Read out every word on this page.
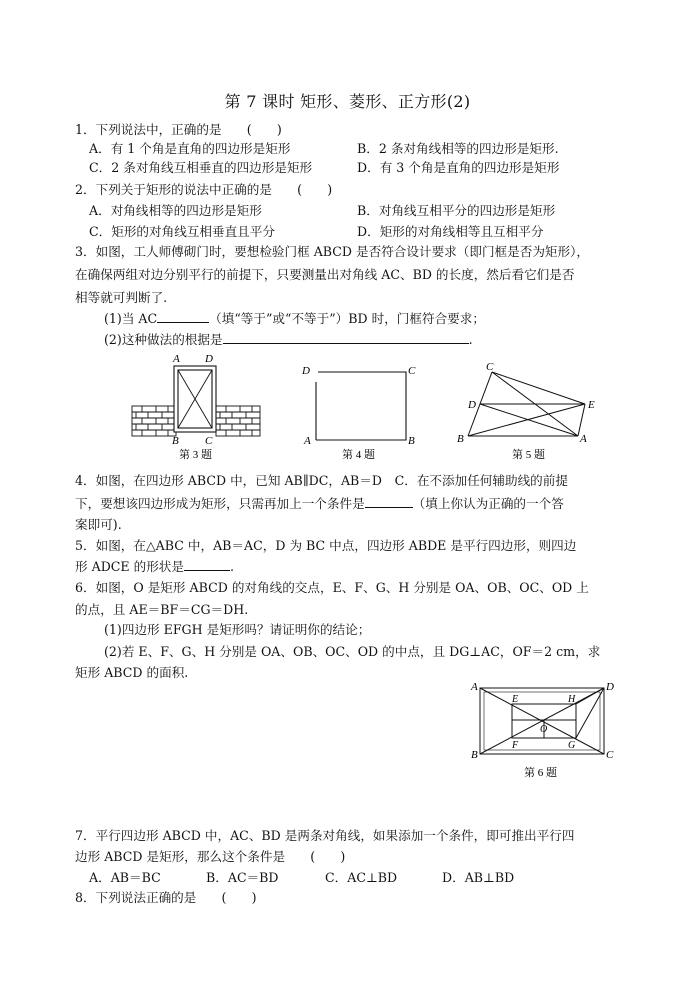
第 7 课时 矩形、菱形、正方形(2)
1．下列说法中，正确的是　　(　　)
A．有 1 个角是直角的四边形是矩形	B．2 条对角线相等的四边形是矩形.
C．2 条对角线互相垂直的四边形是矩形	D．有 3 个角是直角的四边形是矩形
2．下列关于矩形的说法中正确的是　　(　　)
A．对角线相等的四边形是矩形	B．对角线互相平分的四边形是矩形
C．矩形的对角线互相垂直且平分	D．矩形的对角线相等且互相平分
3．如图，工人师傅砌门时，要想检验门框 ABCD 是否符合设计要求（即门框是否为矩形），
在确保两组对边分别平行的前提下，只要测量出对角线 AC、BD 的长度，然后看它们是否
相等就可判断了.
(1)当 AC	（填“等于”或“不等于”）BD 时，门框符合要求；
(2)这种做法的根据是	.
A D
B C
第 3 题
D	C
A	B
第 4 题
C
D	E
B	A
第 5 题
4．如图，在四边形 ABCD 中，已知 AB∥DC，AB＝D　C．在不添加任何辅助线的前提
下，要想该四边形成为矩形，只需再加上一个条件是	（填上你认为正确的一个答
案即可).
5．如图，在△ABC 中，AB＝AC，D 为 BC 中点，四边形 ABDE 是平行四边形，则四边
形 ADCE 的形状是	.
6．如图，O 是矩形 ABCD 的对角线的交点，E、F、G、H 分别是 OA、OB、OC、OD 上
的点，且 AE＝BF＝CG＝DH.
(1)四边形 EFGH 是矩形吗？请证明你的结论；
(2)若 E、F、G、H 分别是 OA、OB、OC、OD 的中点，且 DG⊥AC，OF＝2 cm，求
矩形 ABCD 的面积.
A	D
B	C
E	H
F	G
O
第 6 题
7．平行四边形 ABCD 中，AC、BD 是两条对角线，如果添加一个条件，即可推出平行四
边形 ABCD 是矩形，那么这个条件是　　(　　)
A．AB＝BC	B．AC＝BD	C．AC⊥BD	D．AB⊥BD
8．下列说法正确的是　　(　　)
